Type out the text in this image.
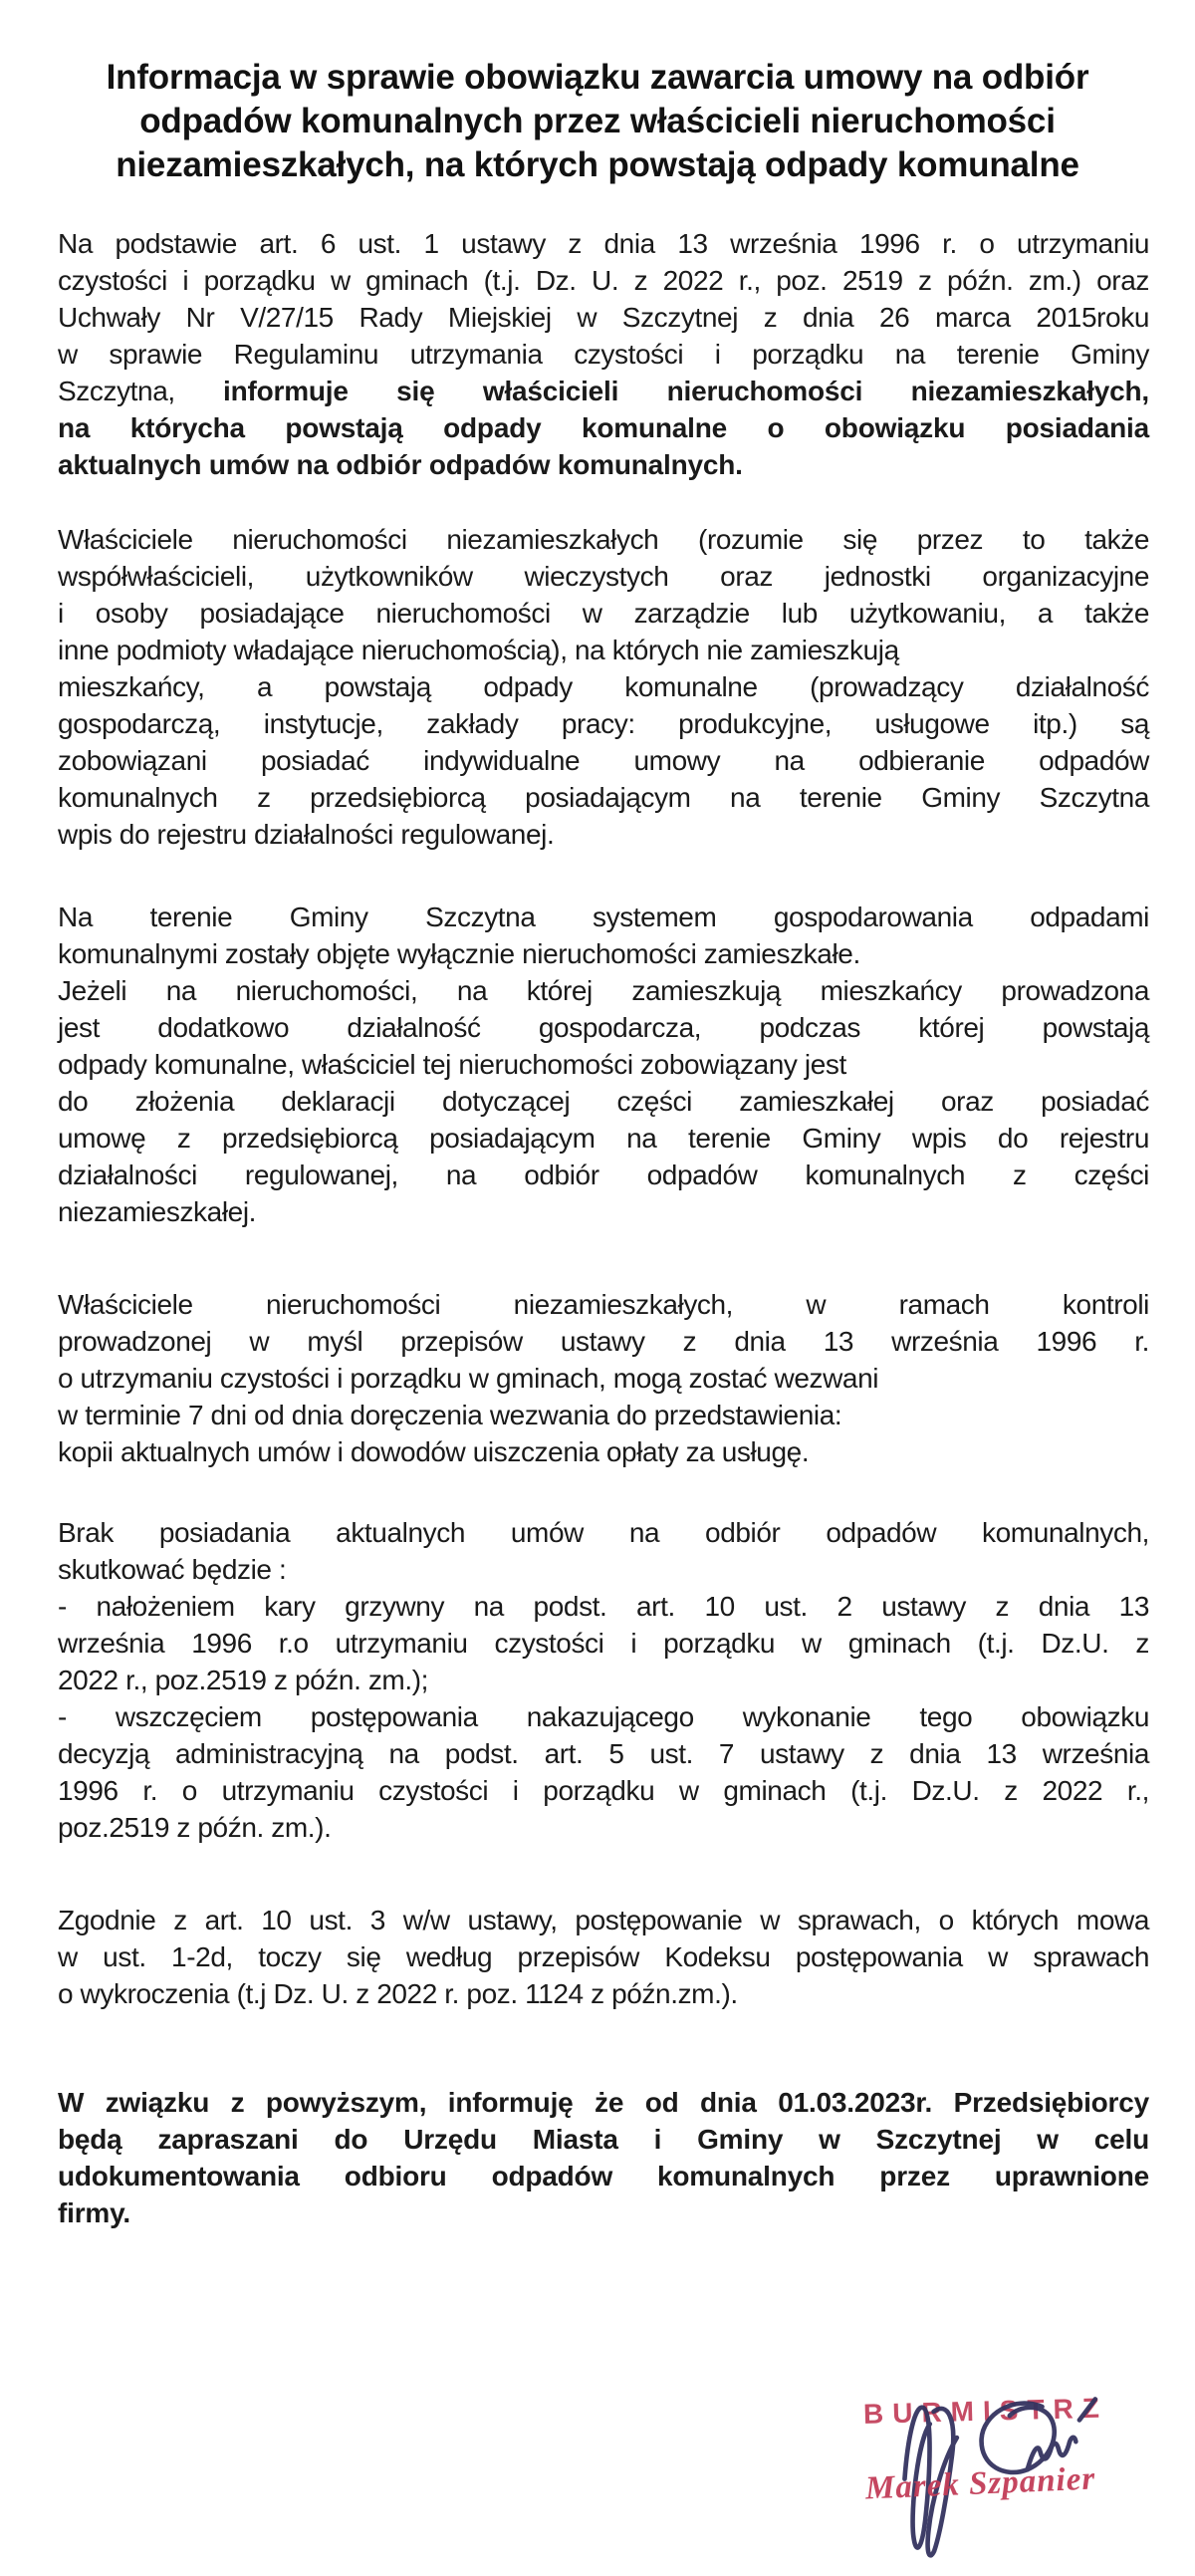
Informacja w sprawie obowiązku zawarcia umowy na odbiór
odpadów komunalnych przez właścicieli nieruchomości
niezamieszkałych, na których powstają odpady komunalne
Na podstawie art. 6 ust. 1 ustawy z dnia 13 września 1996 r. o utrzymaniu
czystości i porządku w gminach (t.j. Dz. U. z 2022 r., poz. 2519 z późn. zm.) oraz
Uchwały Nr V/27/15 Rady Miejskiej w Szczytnej z dnia 26 marca 2015roku
w sprawie Regulaminu utrzymania czystości i porządku na terenie Gminy
Szczytna, informuje się właścicieli nieruchomości niezamieszkałych,
na którycha powstają odpady komunalne o obowiązku posiadania
aktualnych umów na odbiór odpadów komunalnych.
Właściciele nieruchomości niezamieszkałych (rozumie się przez to także
współwłaścicieli, użytkowników wieczystych oraz jednostki organizacyjne
i osoby posiadające nieruchomości w zarządzie lub użytkowaniu, a także
inne podmioty władające nieruchomością), na których nie zamieszkują
mieszkańcy, a powstają odpady komunalne (prowadzący działalność
gospodarczą, instytucje, zakłady pracy: produkcyjne, usługowe itp.) są
zobowiązani posiadać indywidualne umowy na odbieranie odpadów
komunalnych z przedsiębiorcą posiadającym na terenie Gminy Szczytna
wpis do rejestru działalności regulowanej.
Na terenie Gminy Szczytna systemem gospodarowania odpadami
komunalnymi zostały objęte wyłącznie nieruchomości zamieszkałe.
Jeżeli na nieruchomości, na której zamieszkują mieszkańcy prowadzona
jest dodatkowo działalność gospodarcza, podczas której powstają
odpady komunalne, właściciel tej nieruchomości zobowiązany jest
do złożenia deklaracji dotyczącej części zamieszkałej oraz posiadać
umowę z przedsiębiorcą posiadającym na terenie Gminy wpis do rejestru
działalności regulowanej, na odbiór odpadów komunalnych z części
niezamieszkałej.
Właściciele nieruchomości niezamieszkałych, w ramach kontroli
prowadzonej w myśl przepisów ustawy z dnia 13 września 1996 r.
o utrzymaniu czystości i porządku w gminach, mogą zostać wezwani
w terminie 7 dni od dnia doręczenia wezwania do przedstawienia:
kopii aktualnych umów i dowodów uiszczenia opłaty za usługę.
Brak posiadania aktualnych umów na odbiór odpadów komunalnych,
skutkować będzie :
- nałożeniem kary grzywny na podst. art. 10 ust. 2 ustawy z dnia 13
września 1996 r.o utrzymaniu czystości i porządku w gminach (t.j. Dz.U. z
2022 r., poz.2519 z późn. zm.);
- wszczęciem postępowania nakazującego wykonanie tego obowiązku
decyzją administracyjną na podst. art. 5 ust. 7 ustawy z dnia 13 września
1996 r. o utrzymaniu czystości i porządku w gminach (t.j. Dz.U. z 2022 r.,
poz.2519 z późn. zm.).
Zgodnie z art. 10 ust. 3 w/w ustawy, postępowanie w sprawach, o których mowa
w ust. 1-2d, toczy się według przepisów Kodeksu postępowania w sprawach
o wykroczenia (t.j Dz. U. z 2022 r. poz. 1124 z późn.zm.).
W związku z powyższym, informuję że od dnia 01.03.2023r. Przedsiębiorcy
będą zapraszani do Urzędu Miasta i Gminy w Szczytnej w celu
udokumentowania odbioru odpadów komunalnych przez uprawnione
firmy.
BURMISTRZ
Marek Szpanier
